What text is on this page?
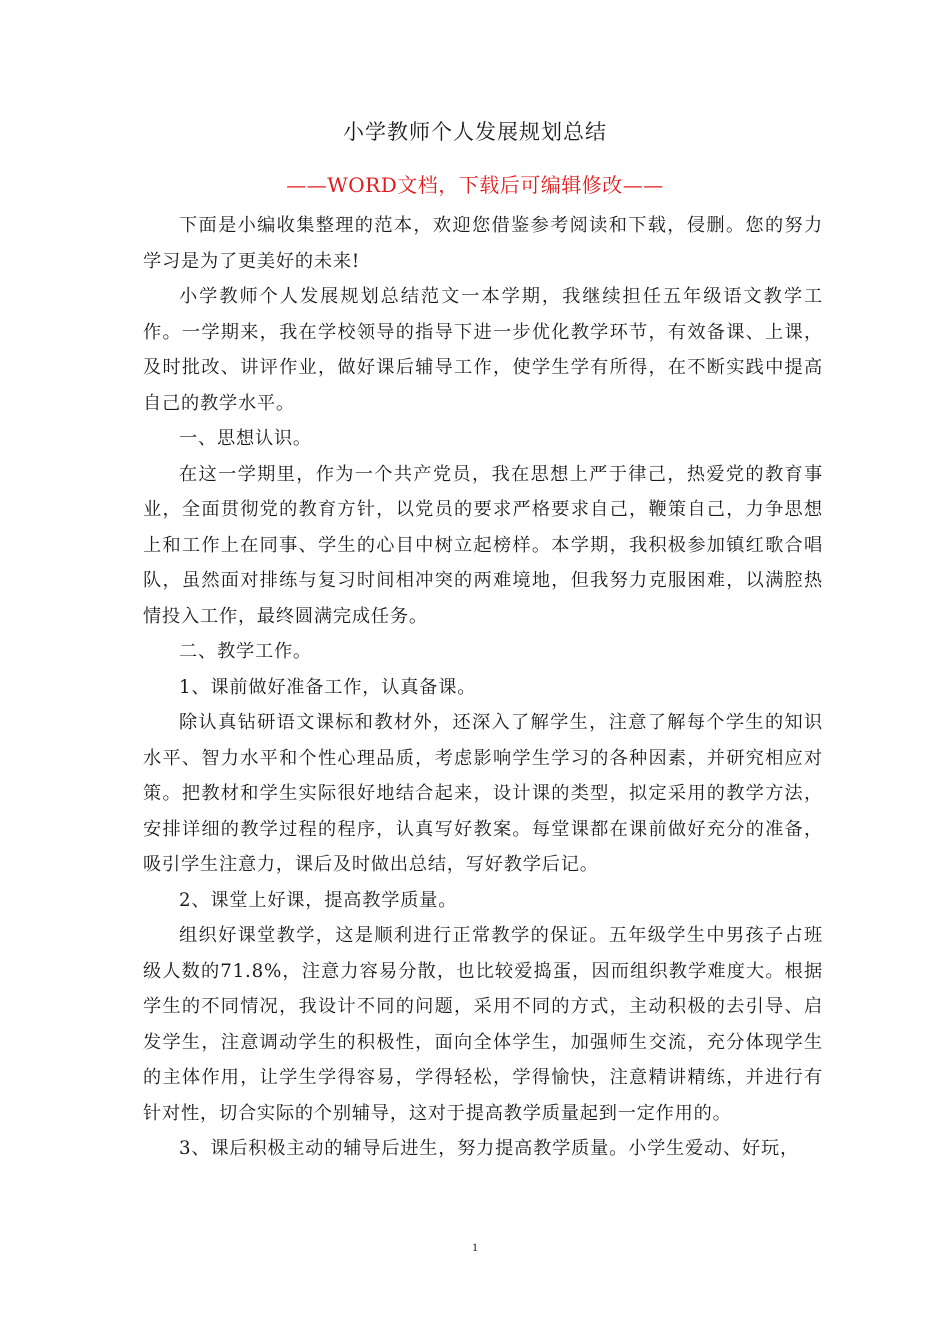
小学教师个人发展规划总结
——WORD文档，下载后可编辑修改——

下面是小编收集整理的范本，欢迎您借鉴参考阅读和下载，侵删。您的努力学习是为了更美好的未来!

小学教师个人发展规划总结范文一本学期，我继续担任五年级语文教学工作。一学期来，我在学校领导的指导下进一步优化教学环节，有效备课、上课，及时批改、讲评作业，做好课后辅导工作，使学生学有所得，在不断实践中提高自己的教学水平。

一、思想认识。

在这一学期里，作为一个共产党员，我在思想上严于律己，热爱党的教育事业，全面贯彻党的教育方针，以党员的要求严格要求自己，鞭策自己，力争思想上和工作上在同事、学生的心目中树立起榜样。本学期，我积极参加镇红歌合唱队，虽然面对排练与复习时间相冲突的两难境地，但我努力克服困难，以满腔热情投入工作，最终圆满完成任务。

二、教学工作。

1、课前做好准备工作，认真备课。

除认真钻研语文课标和教材外，还深入了解学生，注意了解每个学生的知识水平、智力水平和个性心理品质，考虑影响学生学习的各种因素，并研究相应对策。把教材和学生实际很好地结合起来，设计课的类型，拟定采用的教学方法，安排详细的教学过程的程序，认真写好教案。每堂课都在课前做好充分的准备，吸引学生注意力，课后及时做出总结，写好教学后记。

2、课堂上好课，提高教学质量。

组织好课堂教学，这是顺利进行正常教学的保证。五年级学生中男孩子占班级人数的71.8%，注意力容易分散，也比较爱捣蛋，因而组织教学难度大。根据学生的不同情况，我设计不同的问题，采用不同的方式，主动积极的去引导、启发学生，注意调动学生的积极性，面向全体学生，加强师生交流，充分体现学生的主体作用，让学生学得容易，学得轻松，学得愉快，注意精讲精练，并进行有针对性，切合实际的个别辅导，这对于提高教学质量起到一定作用的。

3、课后积极主动的辅导后进生，努力提高教学质量。小学生爱动、好玩，

1
